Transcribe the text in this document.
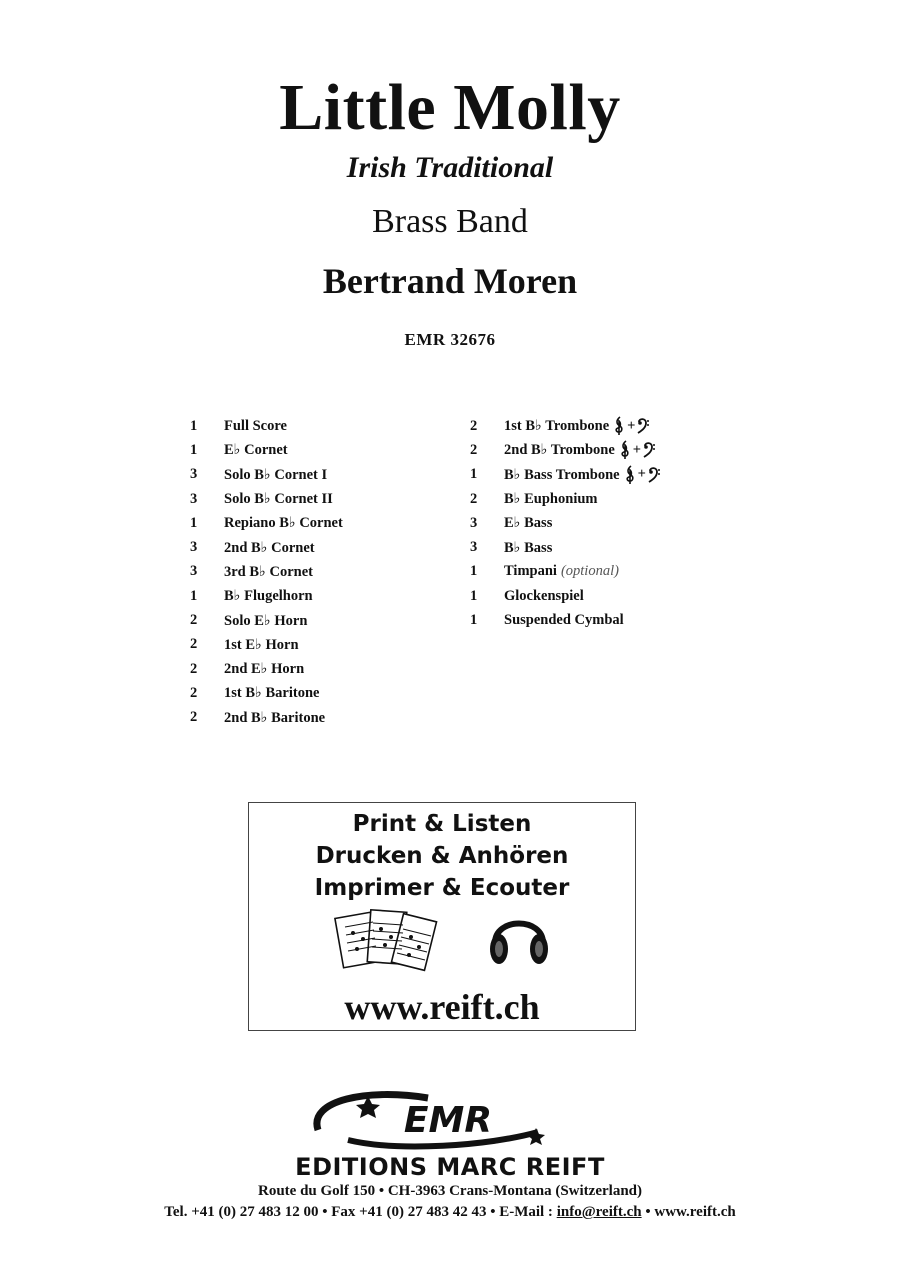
Little Molly
Irish Traditional
Brass Band
Bertrand Moren
EMR 32676
1	Full Score
1	E♭ Cornet
3	Solo B♭ Cornet I
3	Solo B♭ Cornet II
1	Repiano B♭ Cornet
3	2nd B♭ Cornet
3	3rd B♭ Cornet
1	B♭ Flugelhorn
2	Solo E♭ Horn
2	1st E♭ Horn
2	2nd E♭ Horn
2	1st B♭ Baritone
2	2nd B♭ Baritone
2	1st B♭ Trombone +
2	2nd B♭ Trombone +
1	B♭ Bass Trombone +
2	B♭ Euphonium
3	E♭ Bass
3	B♭ Bass
1	Timpani (optional)
1	Glockenspiel
1	Suspended Cymbal
Print & Listen
Drucken & Anhören
Imprimer & Ecouter
www.reift.ch
EMR
EDITIONS MARC REIFT
Route du Golf 150 • CH-3963 Crans-Montana (Switzerland)
Tel. +41 (0) 27 483 12 00 • Fax +41 (0) 27 483 42 43 • E-Mail : info@reift.ch • www.reift.ch
